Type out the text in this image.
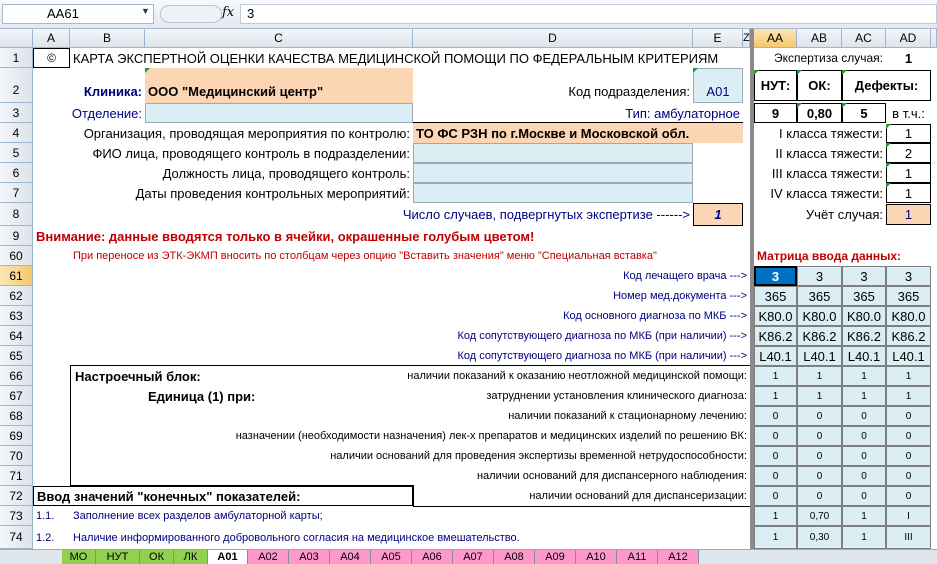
AA61	▼	fx 3
A	B	C	D	E	Z	AA	AB	AC	AD
1
2
3
4
5
6
7
8
9
60
61
62
63
64
65
66
67
68
69
70
71
72
73
74
©	КАРТА ЭКСПЕРТНОЙ ОЦЕНКИ КАЧЕСТВА МЕДИЦИНСКОЙ ПОМОЩИ ПО ФЕДЕРАЛЬНЫМ КРИТЕРИЯМ
Клиника: ООО "Медицинский центр"	Код подразделения:	А01
Отделение:	Тип: амбулаторное
Организация, проводящая мероприятия по контролю: ТО ФС РЗН по г.Москве и Московской обл.
ФИО лица, проводящего контроль в подразделении:
Должность лица, проводящего контроль:
Даты проведения контрольных мероприятий:
Число случаев, подвергнутых экспертизе ------>	1
Внимание: данные вводятся только в ячейки, окрашенные голубым цветом!
При переносе из ЭТК-ЭКМП вносить по столбцам через опцию "Вставить значения" меню "Специальная вставка"
Код лечащего врача --->
Номер мед.документа --->
Код основного диагноза по МКБ --->
Код сопутствующего диагноза по МКБ (при наличии) --->
Код сопутствующего диагноза по МКБ (при наличии) --->
Настроечный блок:	наличии показаний к оказанию неотложной медицинской помощи:
Единица (1) при:	затруднении установления клинического диагноза:
наличии показаний к стационарному лечению:
назначении (необходимости назначения) лек-х препаратов и медицинских изделий по решению ВК:
наличии оснований для проведения экспертизы временной нетрудоспособности:
наличии оснований для диспансерного наблюдения:
Ввод значений "конечных" показателей:	наличии оснований для диспансеризации:
1.1.	Заполнение всех разделов амбулаторной карты;
1.2.	Наличие информированного добровольного согласия на медицинское вмешательство.
Экспертиза случая:	1
НУТ:	ОК:	Дефекты:
9	0,80	5	в т.ч.:
I класса тяжести:	1
II класса тяжести:	2
III класса тяжести:	1
IV класса тяжести:	1
Учёт случая:	1
Матрица ввода данных:
3	3	3	3
365	365	365	365
K80.0 K80.0 K80.0 K80.0
K86.2 K86.2 K86.2 K86.2
L40.1 L40.1 L40.1 L40.1
1	1	1	1
1	1	1	1
0	0	0	0
0	0	0	0
0	0	0	0
0	0	0	0
0	0	0	0
1	0,70	1	I
1	0,30	1	III
МО	НУТ	ОК	ЛК	А01	А02	А03	А04	А05	А06	А07	А08	А09	А10	А11	А12
